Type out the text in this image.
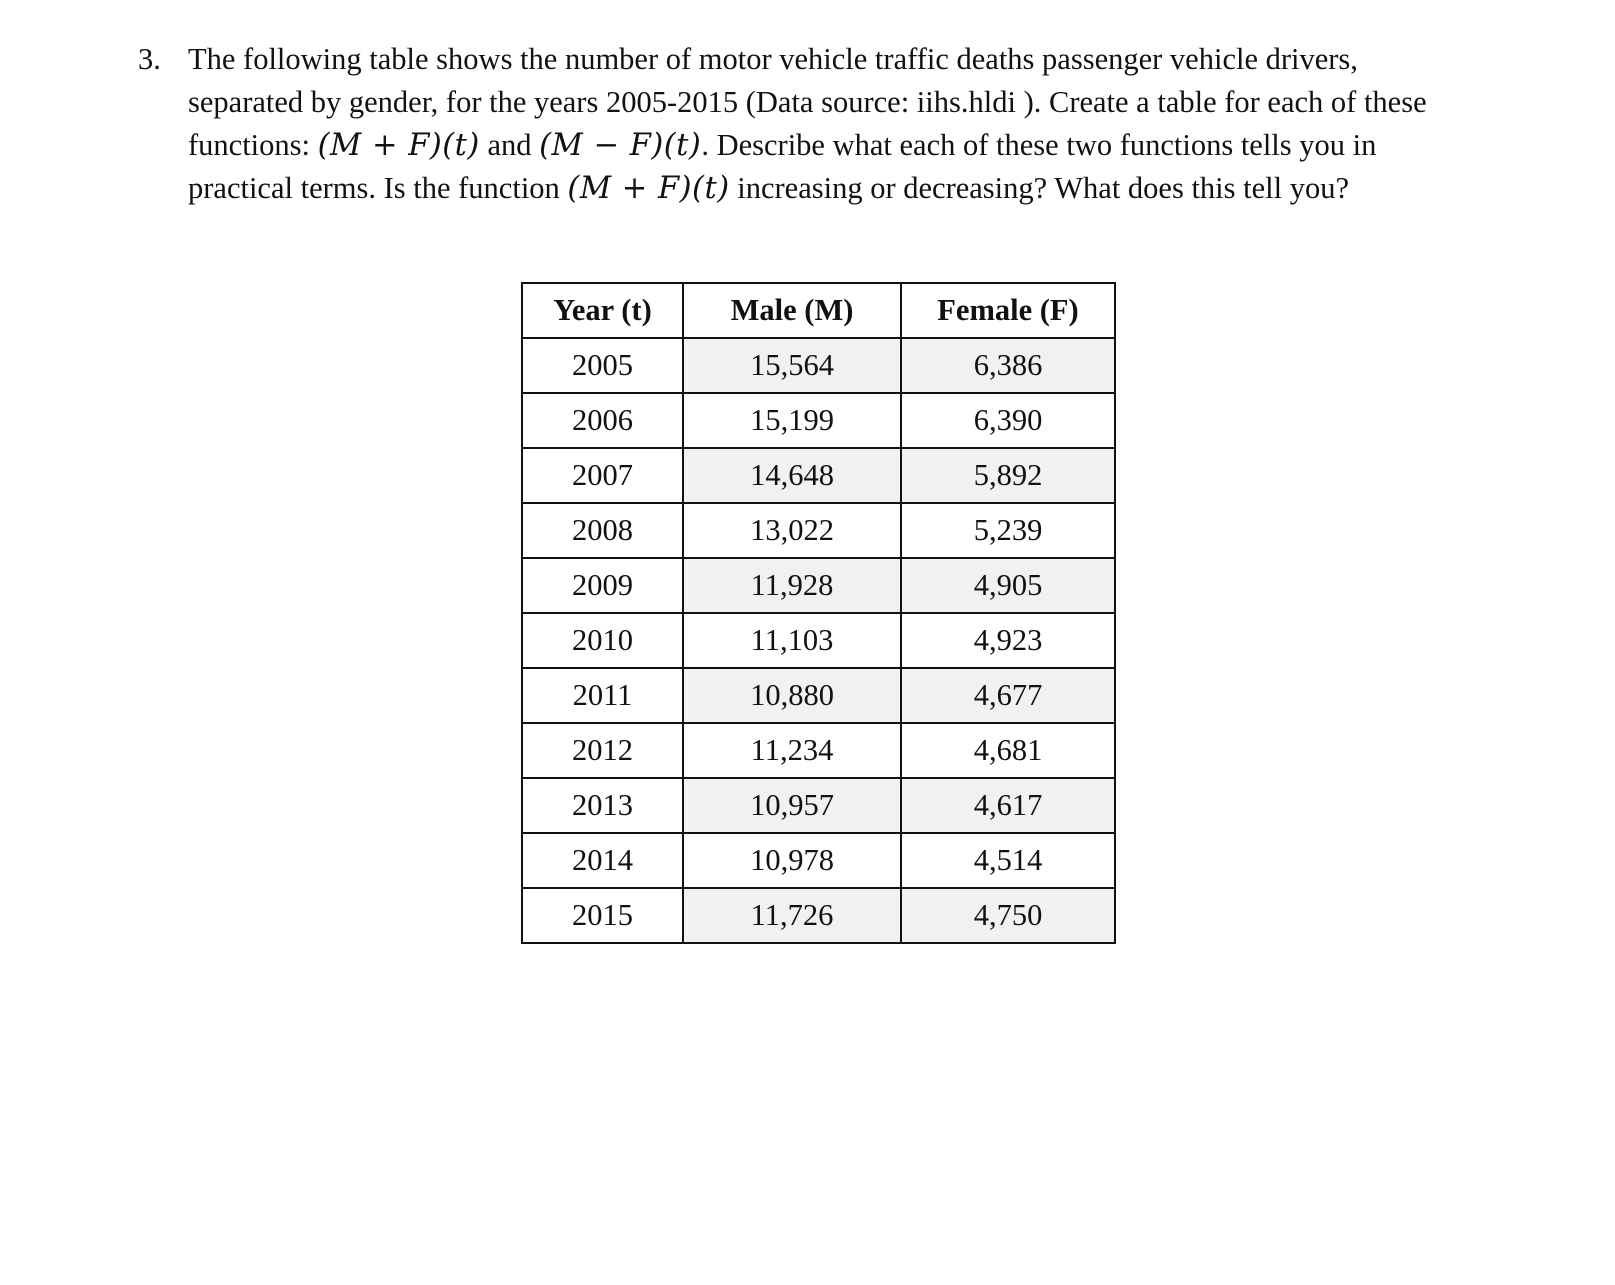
3. The following table shows the number of motor vehicle traffic deaths passenger vehicle drivers,
separated by gender, for the years 2005-2015 (Data source: iihs.hldi ). Create a table for each of these
functions: (M + F)(t) and (M − F)(t). Describe what each of these two functions tells you in
practical terms. Is the function (M + F)(t) increasing or decreasing? What does this tell you?
Year (t)	Male (M)	Female (F)
2005	15,564	6,386
2006	15,199	6,390
2007	14,648	5,892
2008	13,022	5,239
2009	11,928	4,905
2010	11,103	4,923
2011	10,880	4,677
2012	11,234	4,681
2013	10,957	4,617
2014	10,978	4,514
2015	11,726	4,750
